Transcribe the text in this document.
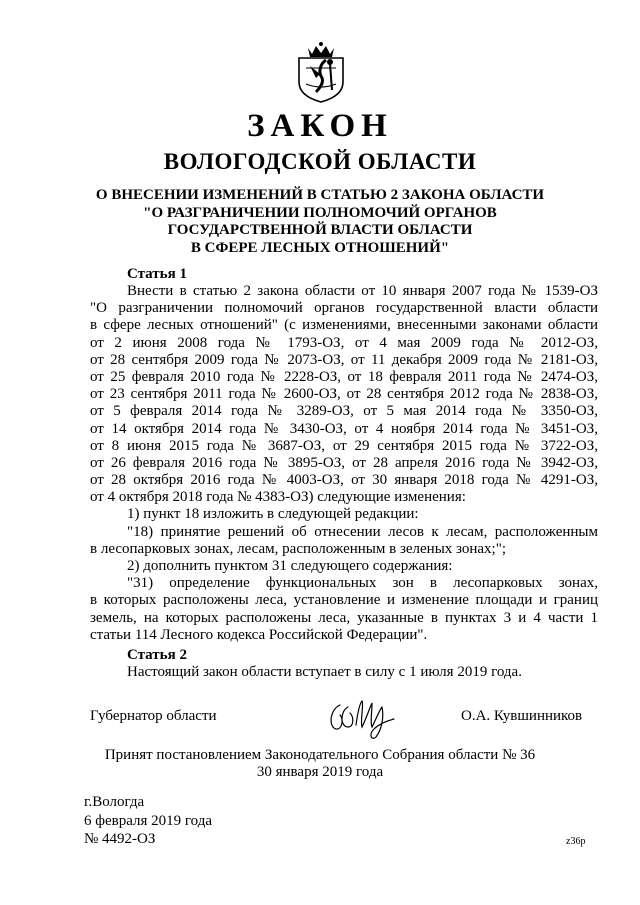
ЗАКОН
ВОЛОГОДСКОЙ ОБЛАСТИ
О ВНЕСЕНИИ ИЗМЕНЕНИЙ В СТАТЬЮ 2 ЗАКОНА ОБЛАСТИ
"О РАЗГРАНИЧЕНИИ ПОЛНОМОЧИЙ ОРГАНОВ
ГОСУДАРСТВЕННОЙ ВЛАСТИ ОБЛАСТИ
В СФЕРЕ ЛЕСНЫХ ОТНОШЕНИЙ"
Статья 1
Внести в статью 2 закона области от 10 января 2007 года № 1539-ОЗ
"О разграничении полномочий органов государственной власти области
в сфере лесных отношений" (с изменениями, внесенными законами области
от 2 июня 2008 года № 1793-ОЗ, от 4 мая 2009 года № 2012-ОЗ,
от 28 сентября 2009 года № 2073-ОЗ, от 11 декабря 2009 года № 2181-ОЗ,
от 25 февраля 2010 года № 2228-ОЗ, от 18 февраля 2011 года № 2474-ОЗ,
от 23 сентября 2011 года № 2600-ОЗ, от 28 сентября 2012 года № 2838-ОЗ,
от 5 февраля 2014 года № 3289-ОЗ, от 5 мая 2014 года № 3350-ОЗ,
от 14 октября 2014 года № 3430-ОЗ, от 4 ноября 2014 года № 3451-ОЗ,
от 8 июня 2015 года № 3687-ОЗ, от 29 сентября 2015 года № 3722-ОЗ,
от 26 февраля 2016 года № 3895-ОЗ, от 28 апреля 2016 года № 3942-ОЗ,
от 28 октября 2016 года № 4003-ОЗ, от 30 января 2018 года № 4291-ОЗ,
от 4 октября 2018 года № 4383-ОЗ) следующие изменения:
1) пункт 18 изложить в следующей редакции:
"18) принятие решений об отнесении лесов к лесам, расположенным
в лесопарковых зонах, лесам, расположенным в зеленых зонах;";
2) дополнить пунктом 31 следующего содержания:
"31) определение функциональных зон в лесопарковых зонах,
в которых расположены леса, установление и изменение площади и границ
земель, на которых расположены леса, указанные в пунктах 3 и 4 части 1
статьи 114 Лесного кодекса Российской Федерации".
Статья 2
Настоящий закон области вступает в силу с 1 июля 2019 года.
Губернатор области	О.А. Кувшинников
Принят постановлением Законодательного Собрания области № 36
30 января 2019 года
г.Вологда
6 февраля 2019 года
№ 4492-ОЗ	z36p
